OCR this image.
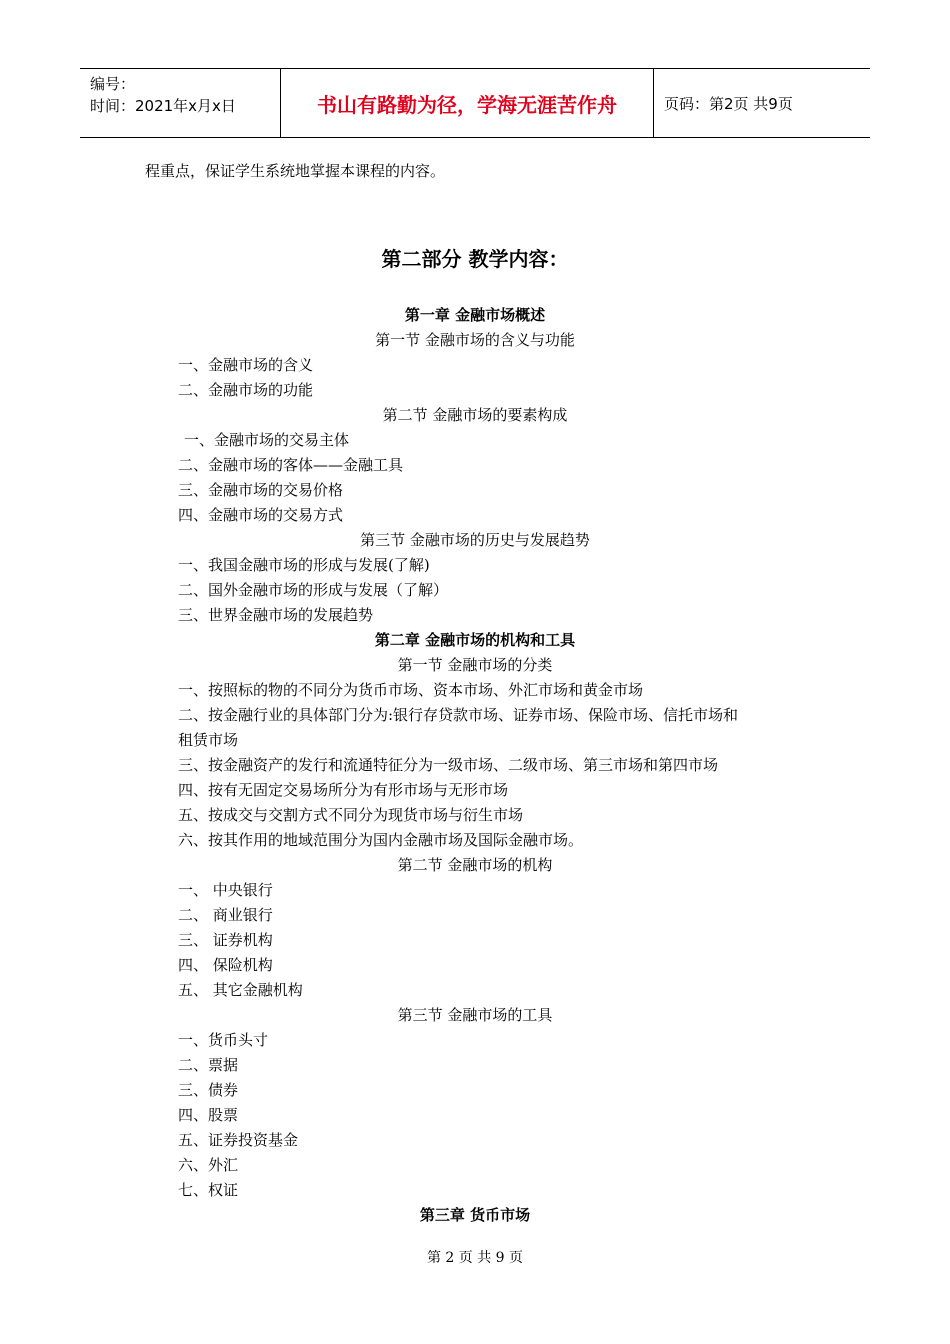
编号：
时间：2021年x月x日	书山有路勤为径，学海无涯苦作舟	页码：第2页 共9页
程重点，保证学生系统地掌握本课程的内容。
第二部分 教学内容：
第一章 金融市场概述
第一节 金融市场的含义与功能
一、金融市场的含义
二、金融市场的功能
第二节 金融市场的要素构成
一、金融市场的交易主体
二、金融市场的客体——金融工具
三、金融市场的交易价格
四、金融市场的交易方式
第三节 金融市场的历史与发展趋势
一、我国金融市场的形成与发展(了解)
二、国外金融市场的形成与发展（了解）
三、世界金融市场的发展趋势
第二章 金融市场的机构和工具
第一节 金融市场的分类
一、按照标的物的不同分为货币市场、资本市场、外汇市场和黄金市场
二、按金融行业的具体部门分为:银行存贷款市场、证券市场、保险市场、信托市场和
租赁市场
三、按金融资产的发行和流通特征分为一级市场、二级市场、第三市场和第四市场
四、按有无固定交易场所分为有形市场与无形市场
五、按成交与交割方式不同分为现货市场与衍生市场
六、按其作用的地域范围分为国内金融市场及国际金融市场。
第二节 金融市场的机构
一、 中央银行
二、 商业银行
三、 证券机构
四、 保险机构
五、 其它金融机构
第三节 金融市场的工具
一、货币头寸
二、票据
三、债券
四、股票
五、证券投资基金
六、外汇
七、权证
第三章 货币市场
第 2 页 共 9 页
